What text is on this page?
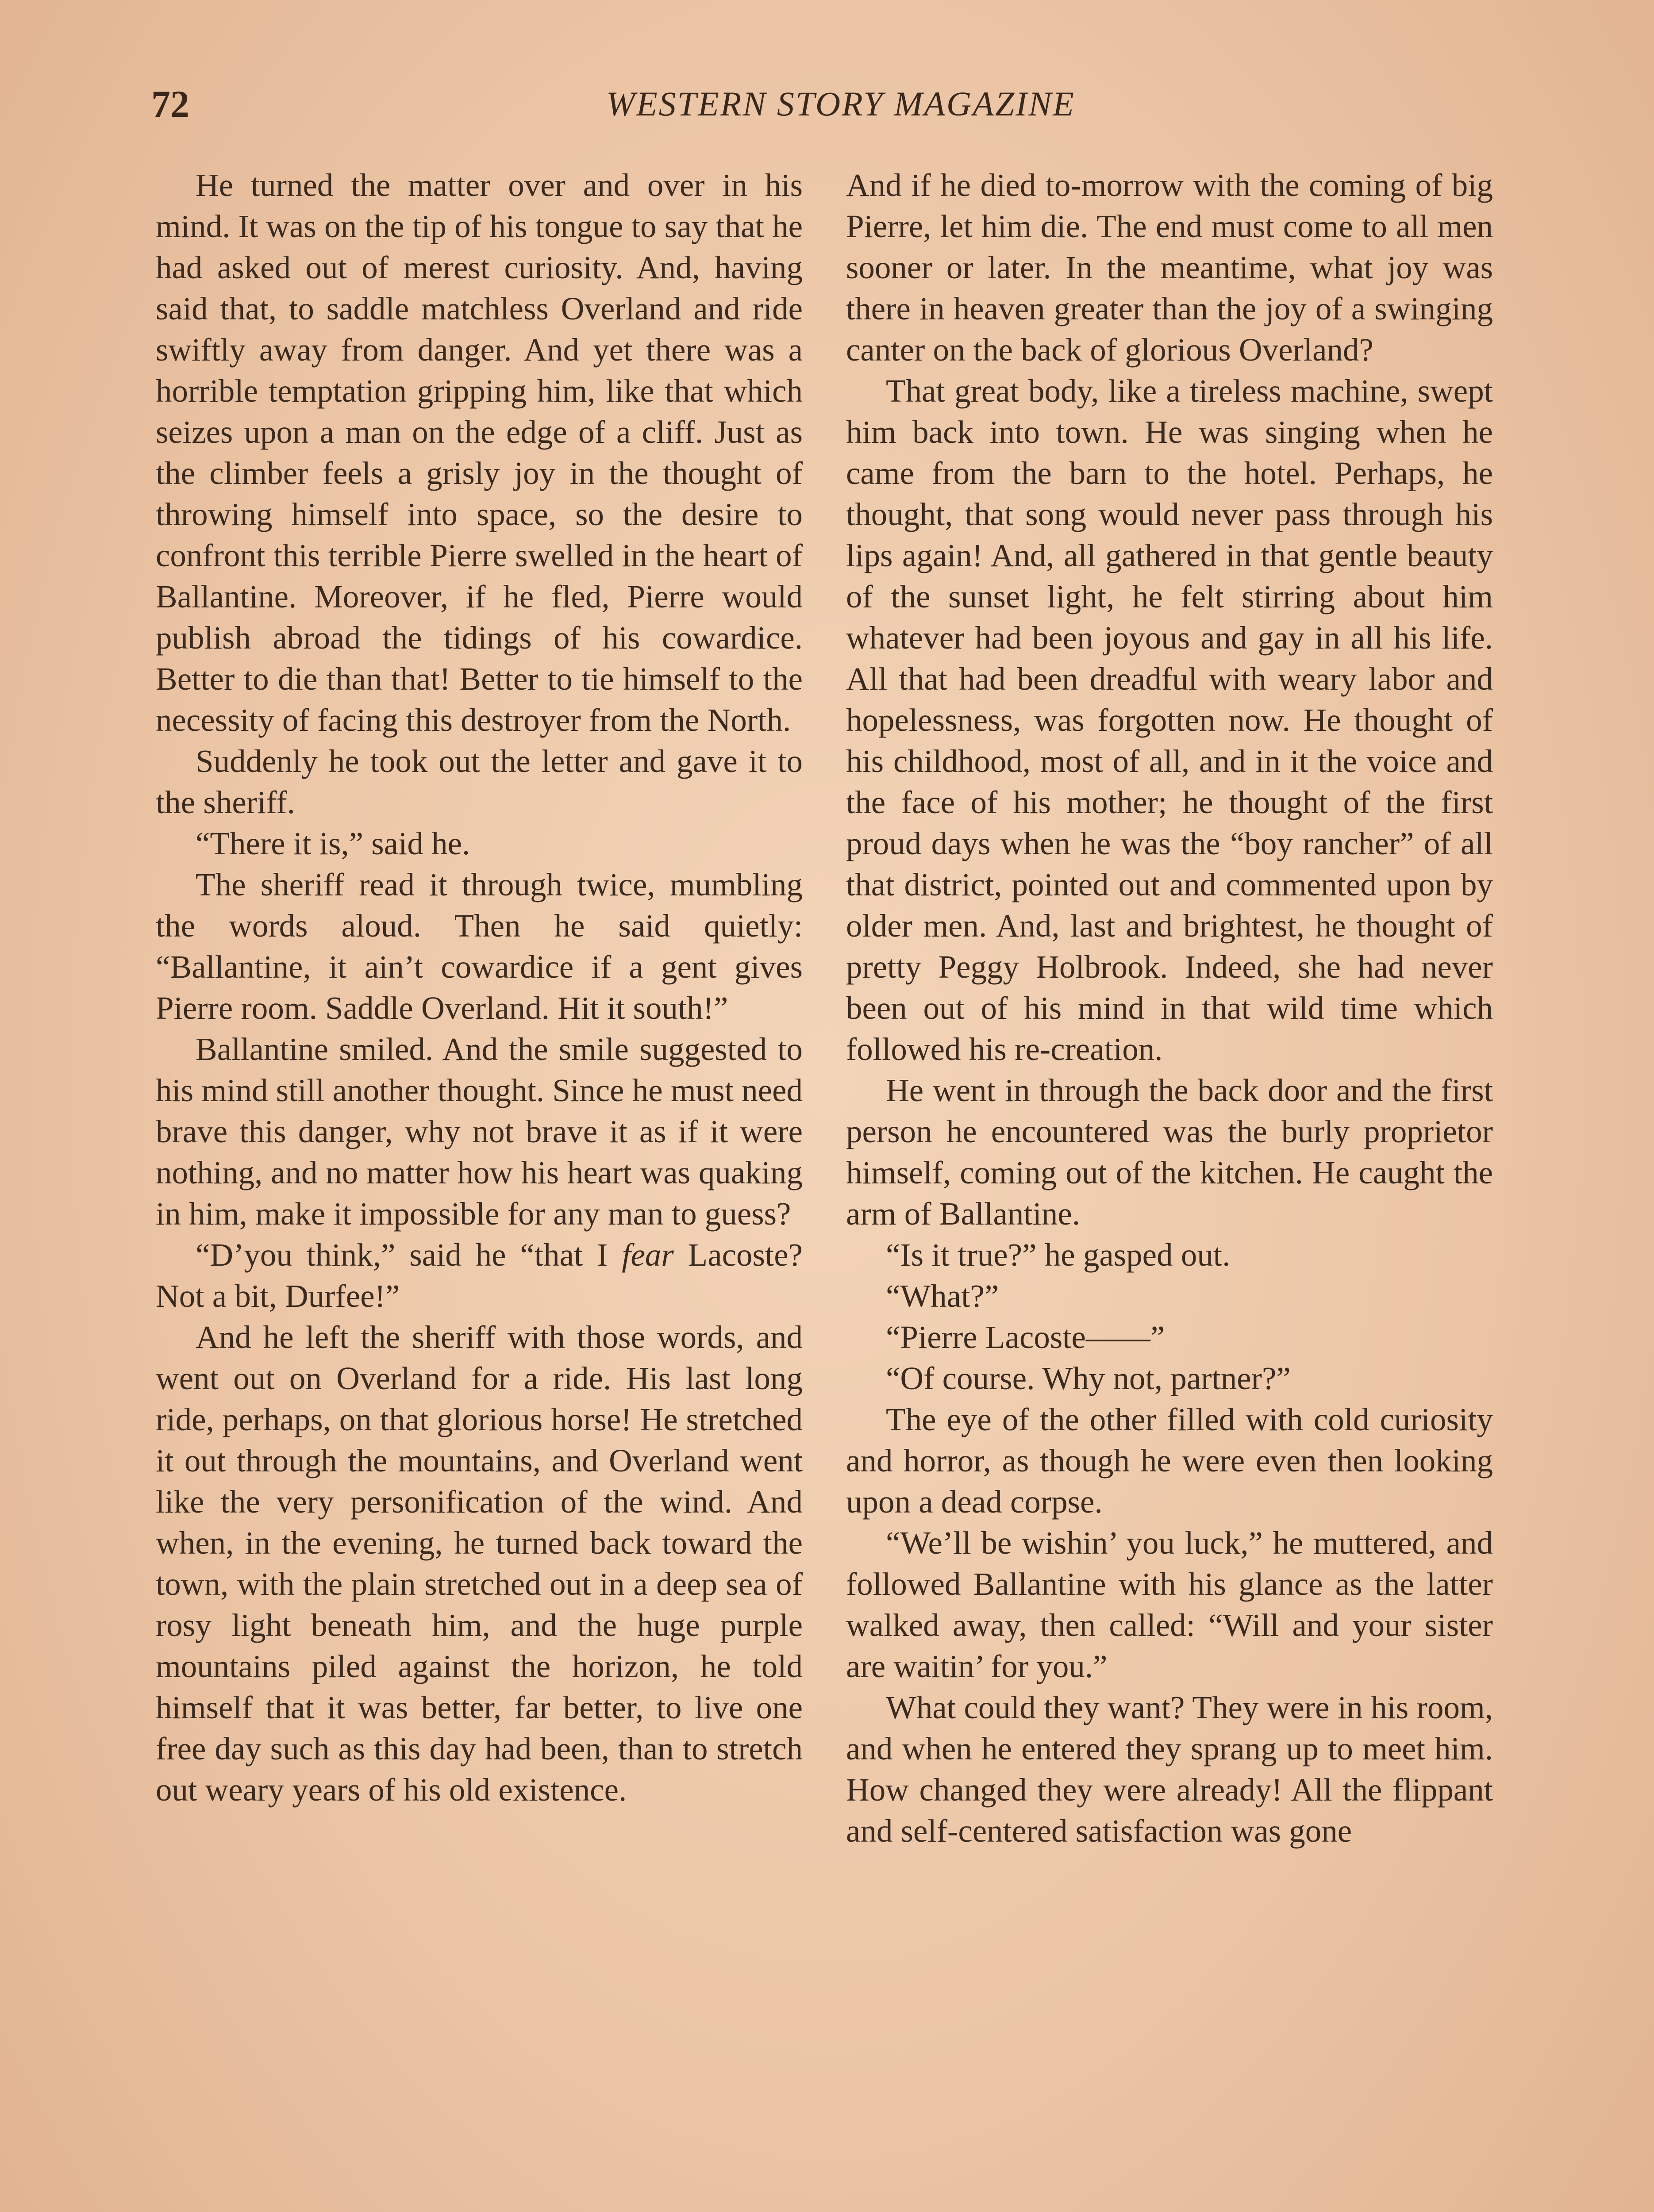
72	WESTERN STORY MAGAZINE

He turned the matter over and over in his mind. It was on the tip of his tongue to say that he had asked out of merest curiosity. And, having said that, to saddle matchless Overland and ride swiftly away from danger. And yet there was a horrible temptation gripping him, like that which seizes upon a man on the edge of a cliff. Just as the climber feels a grisly joy in the thought of throwing himself into space, so the desire to confront this terrible Pierre swelled in the heart of Ballantine. Moreover, if he fled, Pierre would publish abroad the tidings of his cowardice. Better to die than that! Better to tie himself to the necessity of facing this destroyer from the North.

Suddenly he took out the letter and gave it to the sheriff.

“There it is,” said he.

The sheriff read it through twice, mumbling the words aloud. Then he said quietly: “Ballantine, it ain’t cowardice if a gent gives Pierre room. Saddle Overland. Hit it south!”

Ballantine smiled. And the smile suggested to his mind still another thought. Since he must need brave this danger, why not brave it as if it were nothing, and no matter how his heart was quaking in him, make it impossible for any man to guess?

“D’you think,” said he “that I fear Lacoste? Not a bit, Durfee!”

And he left the sheriff with those words, and went out on Overland for a ride. His last long ride, perhaps, on that glorious horse! He stretched it out through the mountains, and Overland went like the very personification of the wind. And when, in the evening, he turned back toward the town, with the plain stretched out in a deep sea of rosy light beneath him, and the huge purple mountains piled against the horizon, he told himself that it was better, far better, to live one free day such as this day had been, than to stretch out weary years of his old existence.

And if he died to-morrow with the coming of big Pierre, let him die. The end must come to all men sooner or later. In the meantime, what joy was there in heaven greater than the joy of a swinging canter on the back of glorious Overland?

That great body, like a tireless machine, swept him back into town. He was singing when he came from the barn to the hotel. Perhaps, he thought, that song would never pass through his lips again! And, all gathered in that gentle beauty of the sunset light, he felt stirring about him whatever had been joyous and gay in all his life. All that had been dreadful with weary labor and hopelessness, was forgotten now. He thought of his childhood, most of all, and in it the voice and the face of his mother; he thought of the first proud days when he was the “boy rancher” of all that district, pointed out and commented upon by older men. And, last and brightest, he thought of pretty Peggy Holbrook. Indeed, she had never been out of his mind in that wild time which followed his re-creation.

He went in through the back door and the first person he encountered was the burly proprietor himself, coming out of the kitchen. He caught the arm of Ballantine.

“Is it true?” he gasped out.

“What?”

“Pierre Lacoste——”

“Of course. Why not, partner?”

The eye of the other filled with cold curiosity and horror, as though he were even then looking upon a dead corpse.

“We’ll be wishin’ you luck,” he muttered, and followed Ballantine with his glance as the latter walked away, then called: “Will and your sister are waitin’ for you.”

What could they want? They were in his room, and when he entered they sprang up to meet him. How changed they were already! All the flippant and self-centered satisfaction was gone
